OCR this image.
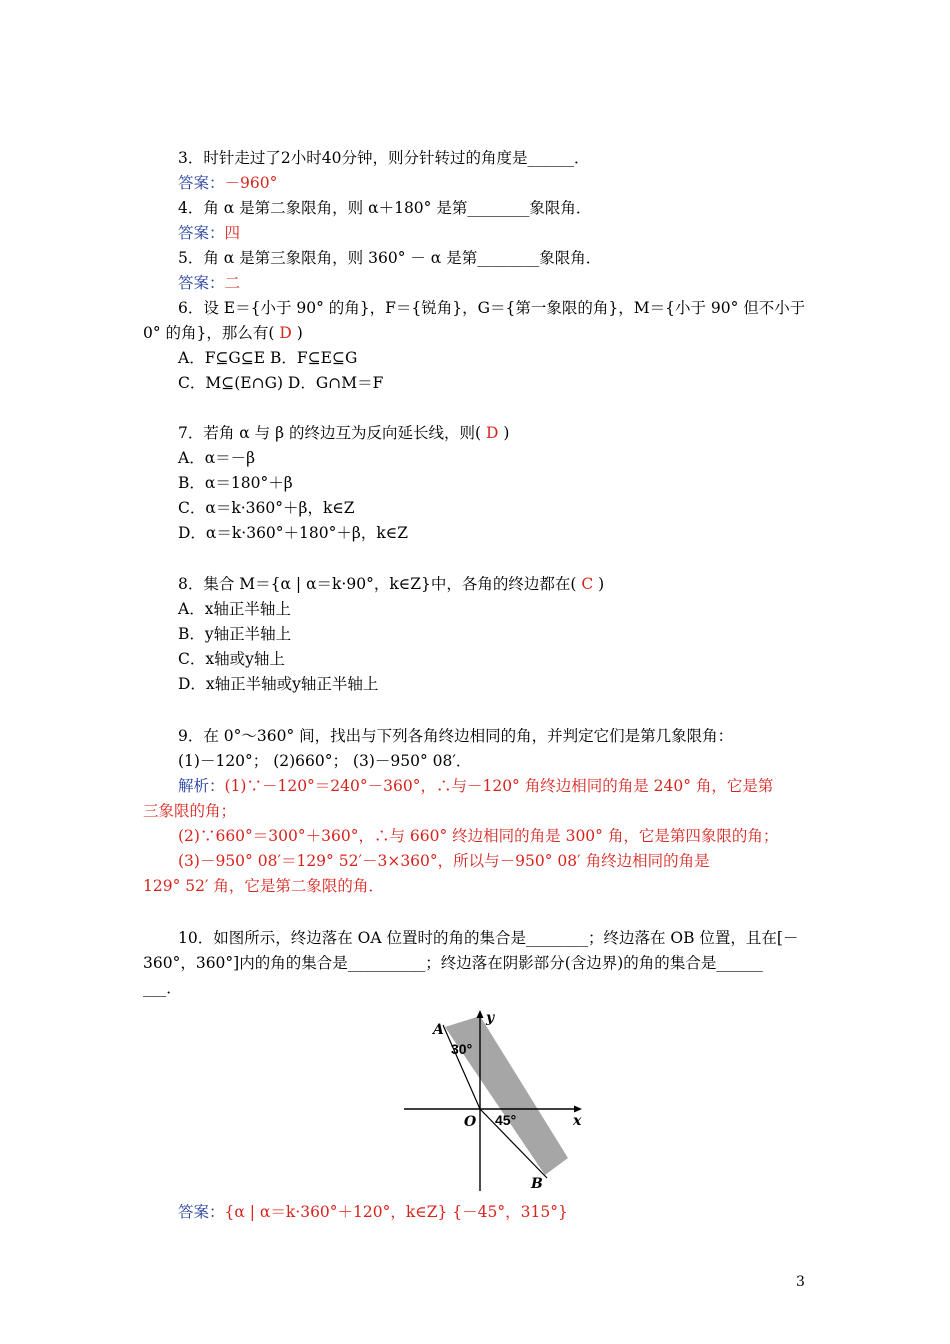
3．时针走过了2小时40分钟，则分针转过的角度是______．
答案：－960°
4．角 α 是第二象限角，则 α＋180° 是第________象限角．
答案：四
5．角 α 是第三象限角，则 360° － α 是第________象限角．
答案：二
6．设 E＝{小于 90° 的角}，F＝{锐角}，G＝{第一象限的角}，M＝{小于 90° 但不小于
0° 的角}，那么有( D )
A．F⊆G⊆E B．F⊆E⊆G
C．M⊆(E∩G) D．G∩M＝F
7．若角 α 与 β 的终边互为反向延长线，则( D )
A．α＝－β
B．α＝180°＋β
C．α＝k·360°＋β，k∈Z
D．α＝k·360°＋180°＋β，k∈Z
8．集合 M＝{α | α＝k·90°，k∈Z}中，各角的终边都在( C )
A．x轴正半轴上
B．y轴正半轴上
C．x轴或y轴上
D．x轴正半轴或y轴正半轴上
9．在 0°～360° 间，找出与下列各角终边相同的角，并判定它们是第几象限角：
(1)－120°； (2)660°； (3)－950° 08′．
解析：(1)∵－120°＝240°－360°，∴与－120° 角终边相同的角是 240° 角，它是第
三象限的角；
(2)∵660°＝300°＋360°，∴与 660° 终边相同的角是 300° 角，它是第四象限的角；
(3)－950° 08′＝129° 52′－3×360°，所以与－950° 08′ 角终边相同的角是
129° 52′ 角，它是第二象限的角．
10．如图所示，终边落在 OA 位置时的角的集合是________；终边落在 OB 位置，且在[－
360°，360°]内的角的集合是__________；终边落在阴影部分(含边界)的角的集合是______
___．
A
B
O	x
y
30°
45°
答案：{α | α＝k·360°＋120°，k∈Z} {－45°，315°}
3
